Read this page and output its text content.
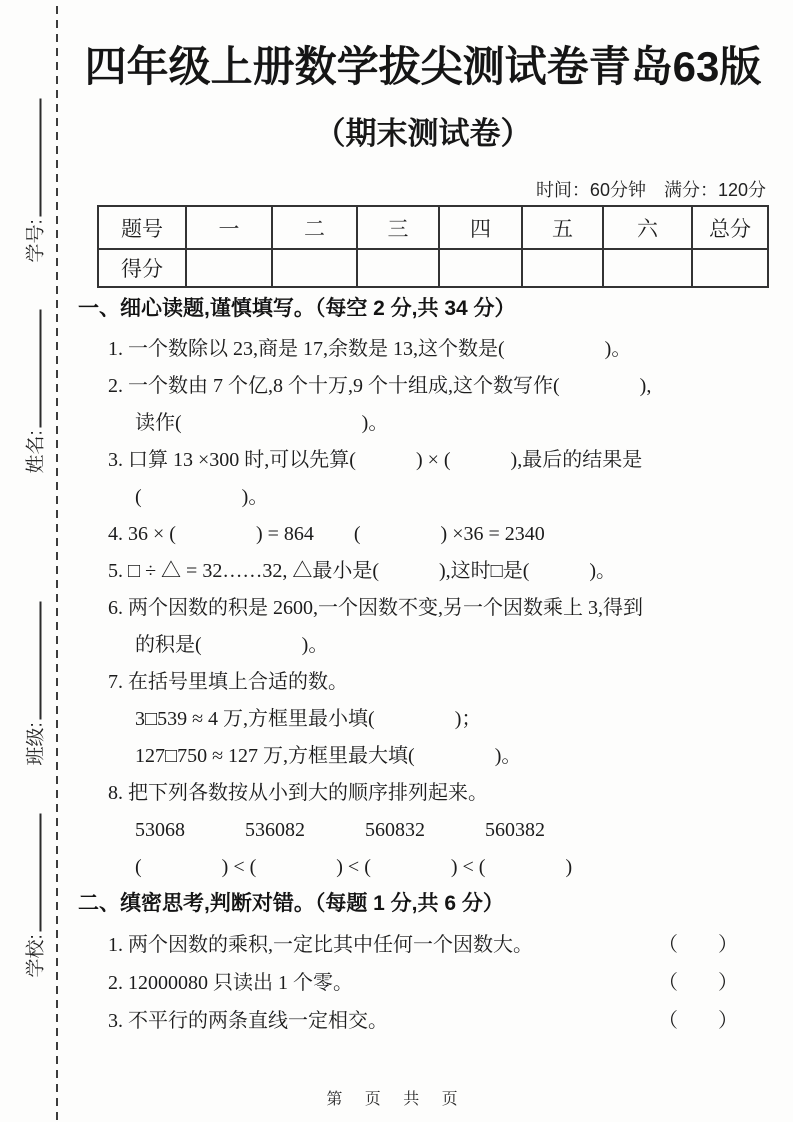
学号:
姓名:
班级:
学校:
四年级上册数学拔尖测试卷青岛63版
（期末测试卷）
时间：60分钟　满分：120分
题号	一	二	三	四	五	六	总分
得分							
一、细心读题,谨慎填写。（每空 2 分,共 34 分）
1. 一个数除以 23,商是 17,余数是 13,这个数是(　　　　　)。
2. 一个数由 7 个亿,8 个十万,9 个十组成,这个数写作(　　　　),
读作(　　　　　　　　　)。
3. 口算 13 ×300 时,可以先算(　　　) × (　　　),最后的结果是
(　　　　　)。
4. 36 × (　　　　) = 864　　(　　　　) ×36 = 2340
5. □ ÷ △ = 32……32, △最小是(　　　),这时□是(　　　)。
6. 两个因数的积是 2600,一个因数不变,另一个因数乘上 3,得到
的积是(　　　　　)。
7. 在括号里填上合适的数。
3□539 ≈ 4 万,方框里最小填(　　　　)；
127□750 ≈ 127 万,方框里最大填(　　　　)。
8. 把下列各数按从小到大的顺序排列起来。
53068　　　536082　　　560832　　　560382
(　　　　) < (　　　　) < (　　　　) < (　　　　)
二、缜密思考,判断对错。（每题 1 分,共 6 分）
1. 两个因数的乘积,一定比其中任何一个因数大。	（　　）
2. 12000080 只读出 1 个零。	（　　）
3. 不平行的两条直线一定相交。	（　　）
第 页 共 页
